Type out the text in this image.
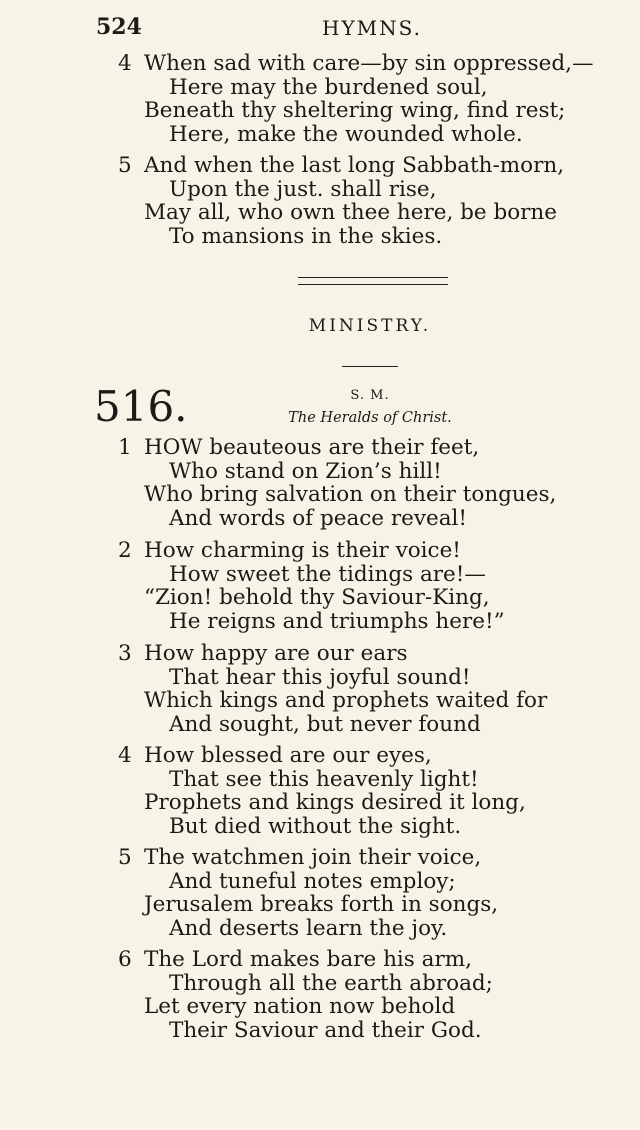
524	HYMNS.
4 When sad with care—by sin oppressed,—
Here may the burdened soul,
Beneath thy sheltering wing, find rest;
Here, make the wounded whole.
5 And when the last long Sabbath-morn,
Upon the just. shall rise,
May all, who own thee here, be borne
To mansions in the skies.
MINISTRY.
516.	S. M.
The Heralds of Christ.
1 HOW beauteous are their feet,
Who stand on Zion’s hill!
Who bring salvation on their tongues,
And words of peace reveal!
2 How charming is their voice!
How sweet the tidings are!—
“Zion! behold thy Saviour-King,
He reigns and triumphs here!”
3 How happy are our ears
That hear this joyful sound!
Which kings and prophets waited for
And sought, but never found
4 How blessed are our eyes,
That see this heavenly light!
Prophets and kings desired it long,
But died without the sight.
5 The watchmen join their voice,
And tuneful notes employ;
Jerusalem breaks forth in songs,
And deserts learn the joy.
6 The Lord makes bare his arm,
Through all the earth abroad;
Let every nation now behold
Their Saviour and their God.
